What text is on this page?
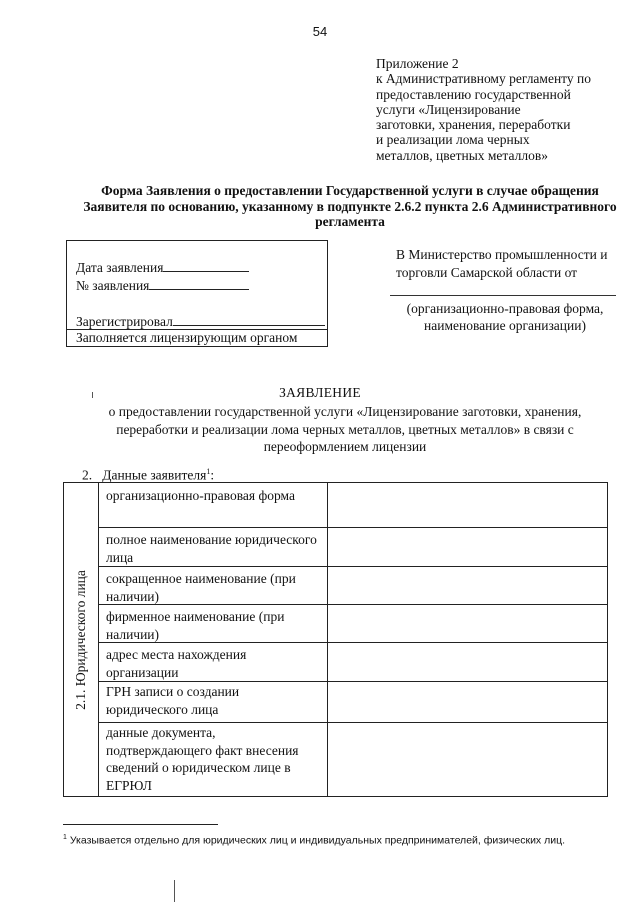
54
Приложение 2
к Административному регламенту по
предоставлению государственной
услуги «Лицензирование
заготовки, хранения, переработки
и реализации лома черных
металлов, цветных металлов»
Форма Заявления о предоставлении Государственной услуги в случае обращения
Заявителя по основанию, указанному в подпункте 2.6.2 пункта 2.6 Административного
регламента
Дата заявления
№ заявления
Зарегистрировал
Заполняется лицензирующим органом
В Министерство промышленности и
торговли Самарской области от
(организационно-правовая форма,
наименование организации)
ЗАЯВЛЕНИЕ
о предоставлении государственной услуги «Лицензирование заготовки, хранения,
переработки и реализации лома черных металлов, цветных металлов» в связи с
переоформлением лицензии
2. Данные заявителя$^1$:
2.1. Юридического лица
организационно-правовая форма
полное наименование юридического лица
сокращенное наименование (при наличии)
фирменное наименование (при наличии)
адрес места нахождения организации
ГРН записи о создании юридического лица
данные документа, подтверждающего факт внесения сведений о юридическом лице в ЕГРЮЛ
$^1$ Указывается отдельно для юридических лиц и индивидуальных предпринимателей, физических лиц.
